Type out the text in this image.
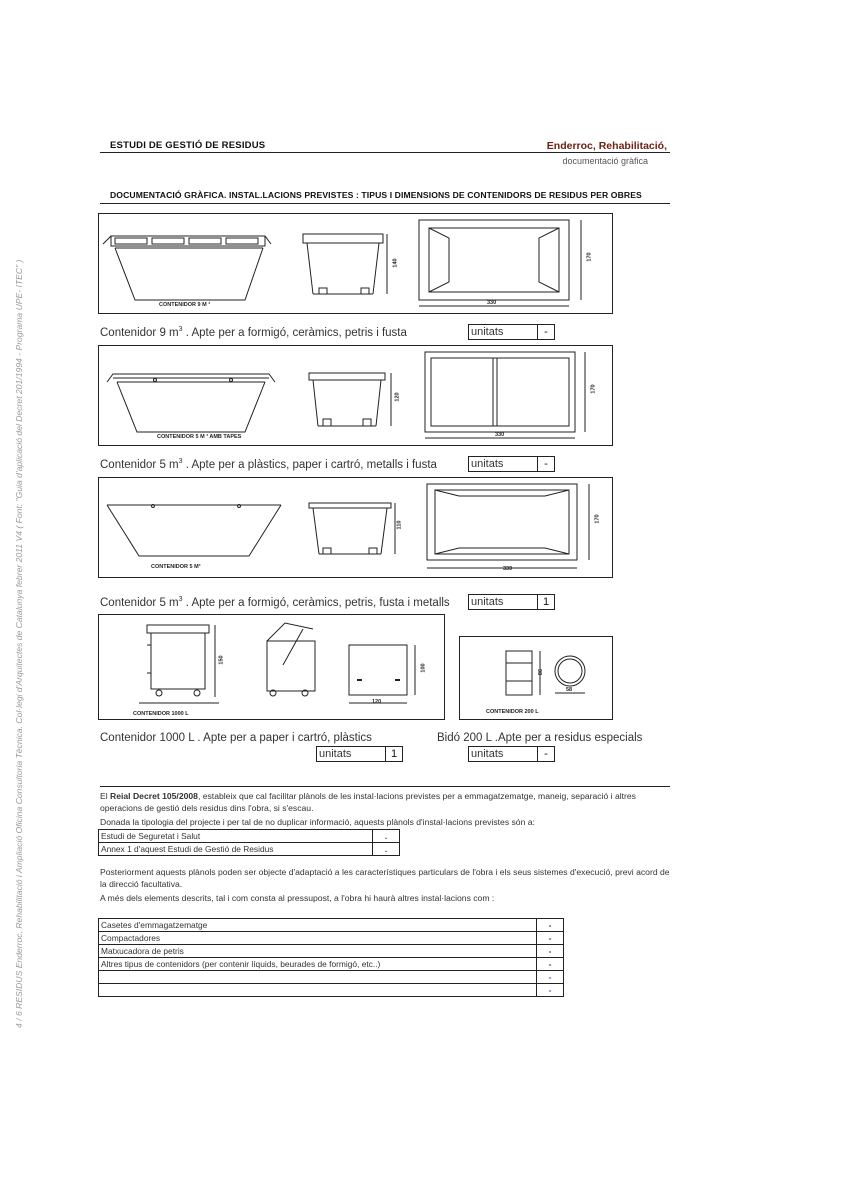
4 / 6 RESIDUS Enderroc, Rehabilitació i Ampliació Oficina Consultoria Tècnica. Col·legi d'Arquitectes de Catalunya febrer 2011 V4 ( Font: "Guia d'aplicació del Decret 201/1994 - Programa UPE- ITEC" )
ESTUDI DE GESTIÓ DE RESIDUS	Enderroc, Rehabilitació,
documentació gràfica
DOCUMENTACIÓ GRÀFICA. INSTAL.LACIONS PREVISTES : TIPUS I DIMENSIONS DE CONTENIDORS DE RESIDUS PER OBRES
CONTENIDOR 9 M ³
140
170
330
Contenidor 9 $m^3$ . Apte per a formigó, ceràmics, petris i fusta	unitats	-
CONTENIDOR 5 M ³ AMB TAPES
120
170
330
Contenidor 5 $m^3$ . Apte per a plàstics, paper i cartró, metalls i fusta	unitats	-
CONTENIDOR 5 M³
110
170
330
Contenidor 5 $m^3$ . Apte per a formigó, ceràmics, petris, fusta i metalls unitats	1
CONTENIDOR 1000 L
150
100
120
Contenidor 1000 L . Apte per a paper i cartró, plàstics
unitats	1
CONTENIDOR 200 L
86
58
Bidó 200 L .Apte per a residus especials
unitats	-
El Reial Decret 105/2008, estableix que cal facilitar plànols de les instal·lacions previstes per a emmagatzematge, maneig, separació i altres operacions de gestió dels residus dins l'obra, si s'escau.
Donada la tipologia del projecte i per tal de no duplicar informació, aquests plànols d'instal·lacions previstes són a:
Estudi de Seguretat i Salut	.
Annex 1 d'aquest Estudi de Gestió de Residus	.
Posteriorment aquests plànols poden ser objecte d'adaptació a les característiques particulars de l'obra i els seus sistemes d'execució, previ acord de la direcció facultativa.
A més dels elements descrits, tal i com consta al pressupost, a l'obra hi haurà altres instal·lacions com :
Casetes d'emmagatzematge	-
Compactadores	-
Matxucadora de petris	-
Altres tipus de contenidors (per contenir líquids, beurades de formigó, etc..)	-
	-
	-
